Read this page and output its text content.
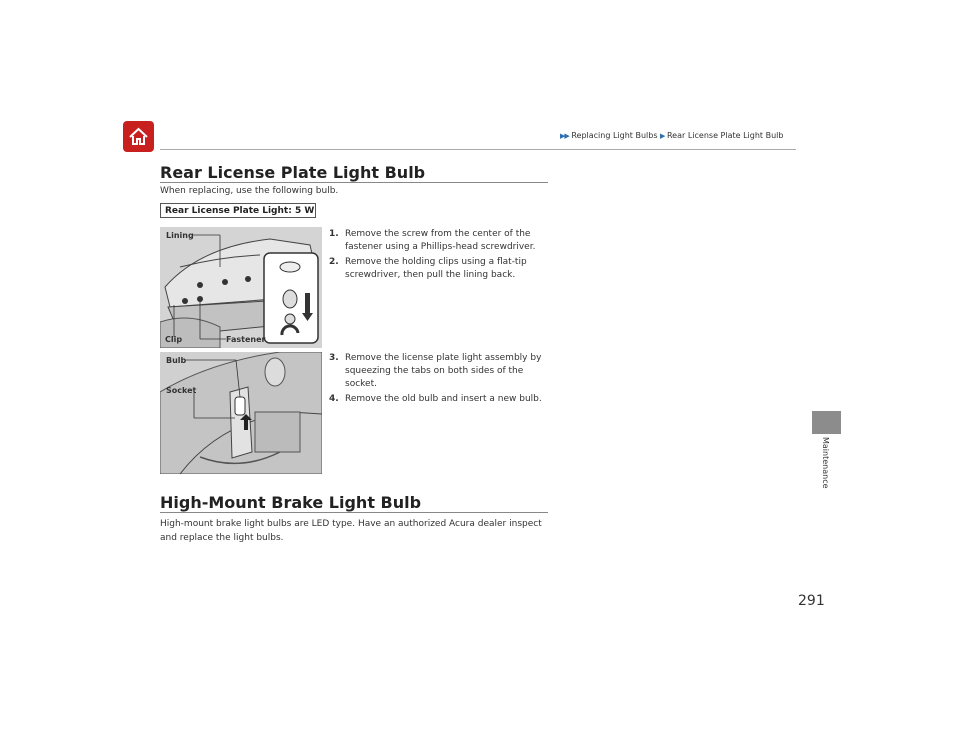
▶▶ Replacing Light Bulbs ▶ Rear License Plate Light Bulb
Maintenance
291
Rear License Plate Light Bulb
When replacing, use the following bulb.
Rear License Plate Light: 5 W
Lining
Clip	Fastener
1. Remove the screw from the center of the fastener using a Phillips-head screwdriver.
2. Remove the holding clips using a flat-tip screwdriver, then pull the lining back.
Bulb
Socket
3. Remove the license plate light assembly by squeezing the tabs on both sides of the socket.
4. Remove the old bulb and insert a new bulb.
High-Mount Brake Light Bulb
High-mount brake light bulbs are LED type. Have an authorized Acura dealer inspect and replace the light bulbs.
